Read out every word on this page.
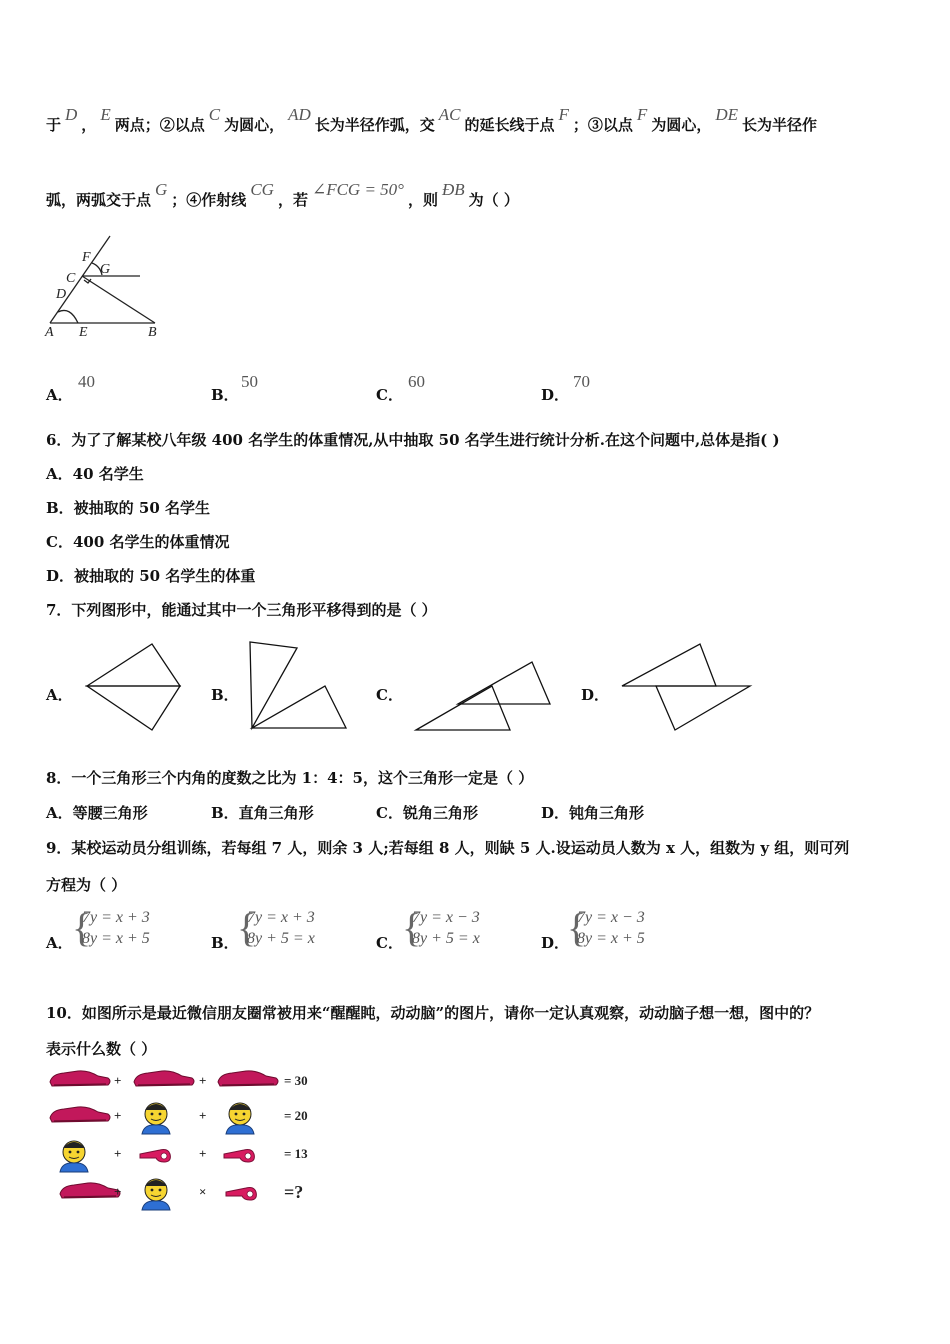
于D，E两点；②以点C为圆心，AD长为半径作弧，交AC的延长线于点F；③以点F为圆心，DE长为半径作
弧，两弧交于点G；④作射线CG，若∠FCG = 50°，则ÐB为（ ）
F
G
C
D
A E	B
A．
40
B．
50
C．
60
D．
70
6．为了了解某校八年级 400 名学生的体重情况,从中抽取 50 名学生进行统计分析.在这个问题中,总体是指( )
A．40 名学生
B．被抽取的 50 名学生
C．400 名学生的体重情况
D．被抽取的 50 名学生的体重
7．下列图形中，能通过其中一个三角形平移得到的是（ ）
A．	B．	C．	D．
8．一个三角形三个内角的度数之比为 1：4：5，这个三角形一定是（ ）
A．等腰三角形	B．直角三角形	C．锐角三角形	D．钝角三角形
9．某校运动员分组训练，若每组 7 人，则余 3 人;若每组 8 人，则缺 5 人.设运动员人数为 x 人，组数为 y 组，则可列
方程为（ ）
A． {
7y = x + 3
8y = x + 5	B．
{
7y = x + 3
8y + 5 = x	C． {
7y = x − 3
8y + 5 = x	D．
{
7y = x − 3
8y = x + 5
10．如图所示是最近微信朋友圈常被用来“醒醒盹，动动脑”的图片，请你一定认真观察，动动脑子想一想，图中的？
表示什么数（ ）
+	+	= 30
+	+	= 20
+	+	= 13
+	×	=?
